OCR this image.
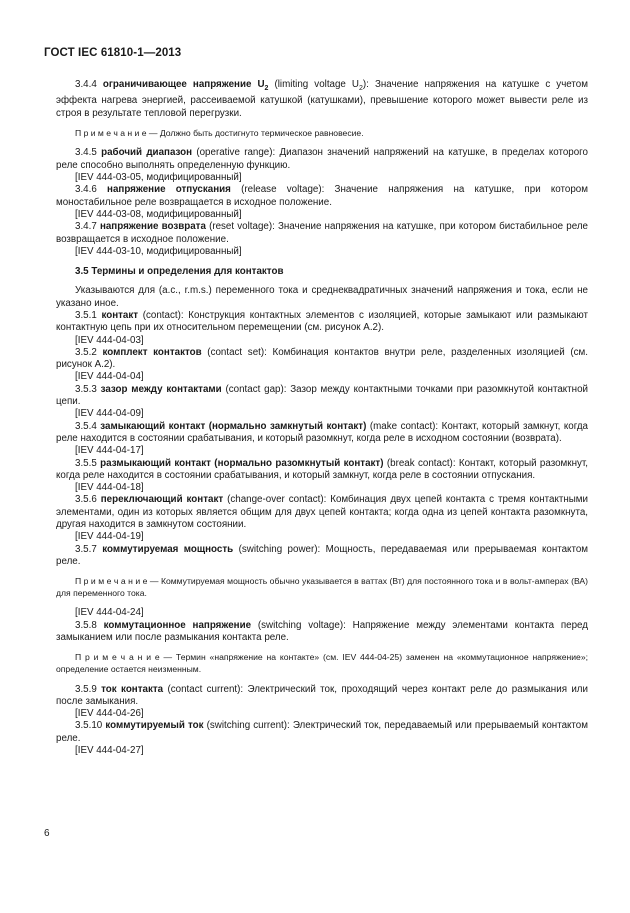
ГОСТ IEC 61810-1—2013

3.4.4 ограничивающее напряжение $U_2$ (limiting voltage $U_2$): Значение напряжения на катушке с учетом эффекта нагрева энергией, рассеиваемой катушкой (катушками), превышение которого может вывести реле из строя в результате тепловой перегрузки.

П р и м е ч а н и е — Должно быть достигнуто термическое равновесие.

3.4.5 рабочий диапазон (operative range): Диапазон значений напряжений на катушке, в пределах которого реле способно выполнять определенную функцию.

[IEV 444-03-05, модифицированный]

3.4.6 напряжение отпускания (release voltage): Значение напряжения на катушке, при котором моностабильное реле возвращается в исходное положение.

[IEV 444-03-08, модифицированный]

3.4.7 напряжение возврата (reset voltage): Значение напряжения на катушке, при котором бистабильное реле возвращается в исходное положение.

[IEV 444-03-10, модифицированный]

3.5 Термины и определения для контактов

Указываются для (a.c., r.m.s.) переменного тока и среднеквадратичных значений напряжения и тока, если не указано иное.

3.5.1 контакт (contact): Конструкция контактных элементов с изоляцией, которые замыкают или размыкают контактную цепь при их относительном перемещении (см. рисунок А.2).

[IEV 444-04-03]

3.5.2 комплект контактов (contact set): Комбинация контактов внутри реле, разделенных изоляцией (см. рисунок А.2).

[IEV 444-04-04]

3.5.3 зазор между контактами (contact gap): Зазор между контактными точками при разомкнутой контактной цепи.

[IEV 444-04-09]

3.5.4 замыкающий контакт (нормально замкнутый контакт) (make contact): Контакт, который замкнут, когда реле находится в состоянии срабатывания, и который разомкнут, когда реле в исходном состоянии (возврата).

[IEV 444-04-17]

3.5.5 размыкающий контакт (нормально разомкнутый контакт) (break contact): Контакт, который разомкнут, когда реле находится в состоянии срабатывания, и который замкнут, когда реле в состоянии отпускания.

[IEV 444-04-18]

3.5.6 переключающий контакт (change-over contact): Комбинация двух цепей контакта с тремя контактными элементами, один из которых является общим для двух цепей контакта; когда одна из цепей контакта разомкнута, другая находится в замкнутом состоянии.

[IEV 444-04-19]

3.5.7 коммутируемая мощность (switching power): Мощность, передаваемая или прерываемая контактом реле.

П р и м е ч а н и е — Коммутируемая мощность обычно указывается в ваттах (Вт) для постоянного тока и в вольт-амперах (ВА) для переменного тока.

[IEV 444-04-24]

3.5.8 коммутационное напряжение (switching voltage): Напряжение между элементами контакта перед замыканием или после размыкания контакта реле.

П р и м е ч а н и е — Термин «напряжение на контакте» (см. IEV 444-04-25) заменен на «коммутационное напряжение»; определение остается неизменным.

3.5.9 ток контакта (contact current): Электрический ток, проходящий через контакт реле до размыкания или после замыкания.

[IEV 444-04-26]

3.5.10 коммутируемый ток (switching current): Электрический ток, передаваемый или прерываемый контактом реле.

[IEV 444-04-27]

6
